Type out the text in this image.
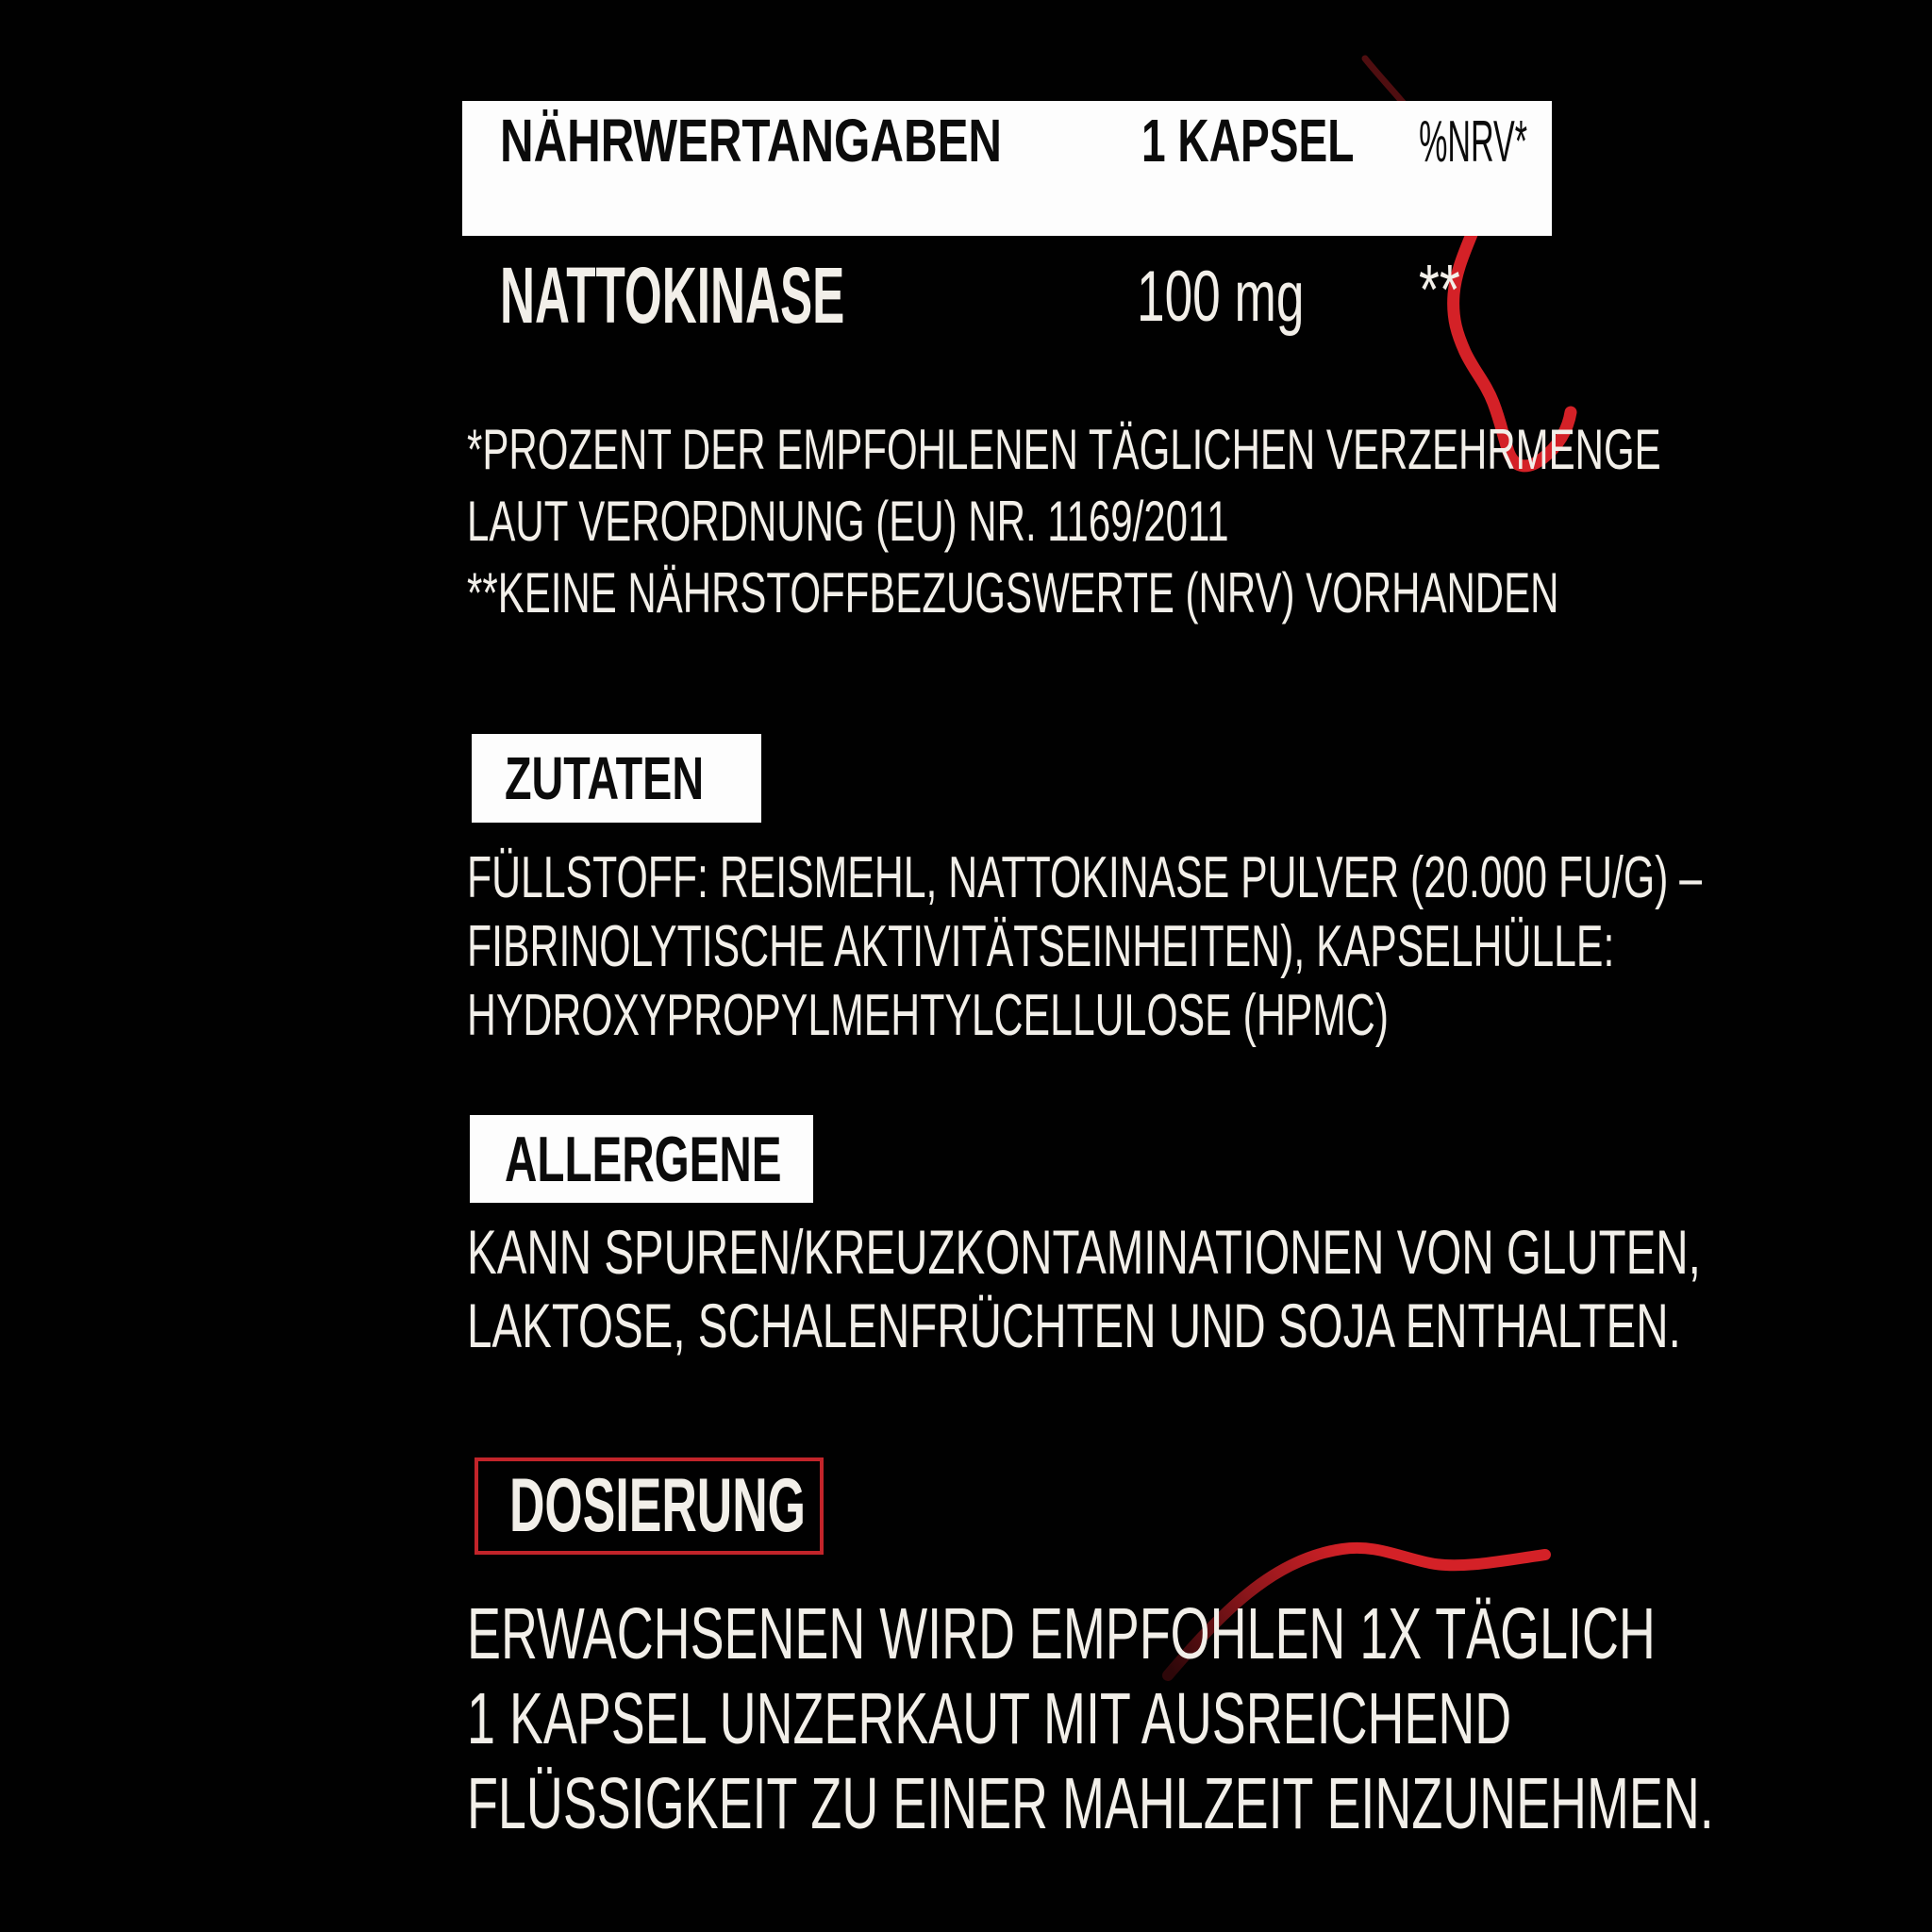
NÄHRWERTANGABEN 1 KAPSEL %NRV*
NATTOKINASE	100 mg **
*PROZENT DER EMPFOHLENEN TÄGLICHEN VERZEHRMENGE
LAUT VERORDNUNG (EU) NR. 1169/2011
**KEINE NÄHRSTOFFBEZUGSWERTE (NRV) VORHANDEN
ZUTATEN
FÜLLSTOFF: REISMEHL, NATTOKINASE PULVER (20.000 FU/G) –
FIBRINOLYTISCHE AKTIVITÄTSEINHEITEN), KAPSELHÜLLE:
HYDROXYPROPYLMEHTYLCELLULOSE (HPMC)
ALLERGENE
KANN SPUREN/KREUZKONTAMINATIONEN VON GLUTEN,
LAKTOSE, SCHALENFRÜCHTEN UND SOJA ENTHALTEN.
DOSIERUNG
ERWACHSENEN WIRD EMPFOHLEN 1X TÄGLICH
1 KAPSEL UNZERKAUT MIT AUSREICHEND
FLÜSSIGKEIT ZU EINER MAHLZEIT EINZUNEHMEN.
